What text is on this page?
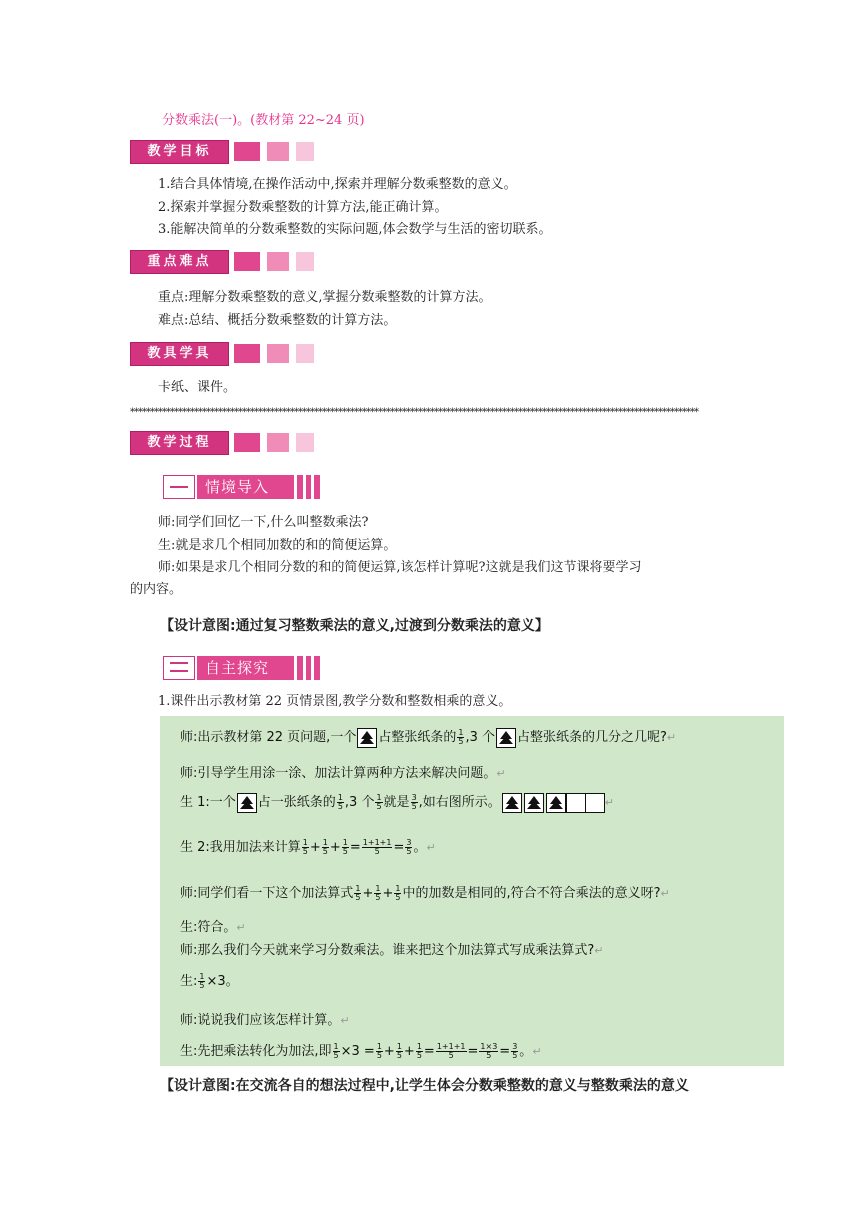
分数乘法(一)。(教材第 22~24 页)
教学目标
1.结合具体情境,在操作活动中,探索并理解分数乘整数的意义。
2.探索并掌握分数乘整数的计算方法,能正确计算。
3.能解决简单的分数乘整数的实际问题,体会数学与生活的密切联系。
重点难点
重点:理解分数乘整数的意义,掌握分数乘整数的计算方法。
难点:总结、概括分数乘整数的计算方法。
教具学具
卡纸、课件。
**********************************************************************************************************************************************
教学过程
情境导入
师:同学们回忆一下,什么叫整数乘法?
生:就是求几个相同加数的和的简便运算。
师:如果是求几个相同分数的和的简便运算,该怎样计算呢?这就是我们这节课将要学习
的内容。
【设计意图:通过复习整数乘法的意义,过渡到分数乘法的意义】
自主探究
1.课件出示教材第 22 页情景图,教学分数和整数相乘的意义。
师:出示教材第 22 页问题,一个 占整张纸条的 $\frac{1}{5} ,3$ 个 占整张纸条的几分之几呢?↵
师:引导学生用涂一涂、加法计算两种方法来解决问题。↵
生 1:一个 占一张纸条的 $\frac{1}{5} ,3$ 个 $\frac{1}{5}$ 就是 $\frac{3}{5}$ ,如右图所示。	↵
生 2:我用加法来计算 $\frac{1}{5} + \frac{1}{5} + \frac{1}{5} = \frac{1+1+1}{5} = \frac{3}{5}$ 。↵
师:同学们看一下这个加法算式 $\frac{1}{5} + \frac{1}{5} + \frac{1}{5}$ 中的加数是相同的,符合不符合乘法的意义呀?↵
生:符合。↵
师:那么我们今天就来学习分数乘法。谁来把这个加法算式写成乘法算式?↵
生: $\frac{1}{5} \times 3$。
师:说说我们应该怎样计算。↵
生:先把乘法转化为加法,即 $\frac{1}{5} \times 3 = \frac{1}{5} + \frac{1}{5} + \frac{1}{5} = \frac{1+1+1}{5} = \frac{1\times 3}{5} = \frac{3}{5}$ 。↵
【设计意图:在交流各自的想法过程中,让学生体会分数乘整数的意义与整数乘法的意义
